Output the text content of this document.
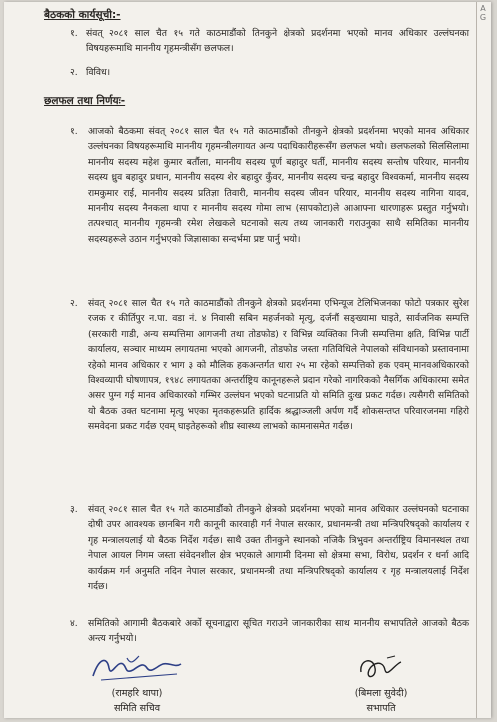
A G
बैठकको कार्यसूची:-
१. संवत् २०८१ साल चैत १५ गते काठमाडौंको तिनकुने क्षेत्रको प्रदर्शनमा भएको मानव अधिकार उल्लंघनका विषयहरूमाथि माननीय गृहमन्त्रीसँग छलफल।
२. विविध।
छलफल तथा निर्णयः-
१. आजको बैठकमा संवत् २०८१ साल चैत १५ गते काठमाडौंको तीनकुने क्षेत्रको प्रदर्शनमा भएको मानव अधिकार उल्लंघनका विषयहरूमाथि माननीय गृहमन्त्रीलगायत अन्य पदाधिकारीहरूसँग छलफल भयो। छलफलको सिलसिलामा माननीय सदस्य महेश कुमार बर्तौला, माननीय सदस्य पूर्ण बहादुर घर्ती, माननीय सदस्य सन्तोष परियार, माननीय सदस्य ध्रुव बहादुर प्रधान, माननीय सदस्य शेर बहादुर कुँवर, माननीय सदस्य चन्द्र बहादुर विश्वकर्मा, माननीय सदस्य रामकुमार राई, माननीय सदस्य प्रतिज्ञा तिवारी, माननीय सदस्य जीवन परियार, माननीय सदस्य नागिना यादव, माननीय सदस्य नैनकला थापा र माननीय सदस्य गोमा लाभ (सापकोटा)ले आआफ्ना धारणाहरू प्रस्तुत गर्नुभयो। तत्पश्चात् माननीय गृहमन्त्री रमेश लेखकले घटनाको सत्य तथ्य जानकारी गराउनुका साथै समितिका माननीय सदस्यहरूले उठान गर्नुभएको जिज्ञासाका सन्दर्भमा प्रष्ट पार्नु भयो।
२. संवत् २०८१ साल चैत १५ गते काठमाडौंको तीनकुने क्षेत्रको प्रदर्शनमा एभिन्यूज टेलिभिजनका फोटो पत्रकार सुरेश रजक र कीर्तिपुर न.पा. वडा नं. ४ निवासी सबिन महर्जनको मृत्यु, दर्जनौं सङ्ख्यामा घाइते, सार्वजनिक सम्पत्ति (सरकारी गाडी, अन्य सम्पत्तिमा आगजनी तथा तोडफोड) र विभिन्न व्यक्तिका निजी सम्पत्तिमा क्षति, विभिन्न पार्टी कार्यालय, सञ्चार माध्यम लगायतमा भएको आगजनी, तोडफोड जस्ता गतिविधिले नेपालको संविधानको प्रस्तावनामा रहेको मानव अधिकार र भाग ३ को मौलिक हकअन्तर्गत धारा २५ मा रहेको सम्पत्तिको हक एवम् मानवअधिकारको विश्वव्यापी घोषणापत्र, १९४८ लगायतका अन्तर्राष्ट्रिय कानूनहरूले प्रदान गरेको नागरिकको नैसर्गिक अधिकारमा समेत असर पुग्न गई मानव अधिकारको गम्भिर उल्लंघन भएको घटनाप्रति यो समिति दुःख प्रकट गर्दछ। त्यसैगरी समितिको यो बैठक उक्त घटनामा मृत्यु भएका मृतकहरूप्रति हार्दिक श्रद्धाञ्जली अर्पण गर्दै शोकसन्तप्त परिवारजनमा गहिरो समवेदना प्रकट गर्दछ एवम् घाइतेहरूको शीघ्र स्वास्थ्य लाभको कामनासमेत गर्दछ।
३. संवत् २०८१ साल चैत १५ गते काठमाडौंको तीनकुने क्षेत्रको प्रदर्शनमा भएको मानव अधिकार उल्लंघनको घटनाका दोषी उपर आवश्यक छानबिन गरी कानूनी कारवाही गर्न नेपाल सरकार, प्रधानमन्त्री तथा मन्त्रिपरिषद्को कार्यालय र गृह मन्त्रालयलाई यो बैठक निर्देश गर्दछ। साथै उक्त तीनकुने स्थानको नजिकै त्रिभुवन अन्तर्राष्ट्रिय विमानस्थल तथा नेपाल आयल निगम जस्ता संवेदनशील क्षेत्र भएकाले आगामी दिनमा सो क्षेत्रमा सभा, विरोध, प्रदर्शन र धर्ना आदि कार्यक्रम गर्न अनुमति नदिन नेपाल सरकार, प्रधानमन्त्री तथा मन्त्रिपरिषद्को कार्यालय र गृह मन्त्रालयलाई निर्देश गर्दछ।
४. समितिको आगामी बैठकबारे अर्को सूचनाद्वारा सूचित गराउने जानकारीका साथ माननीय सभापतिले आजको बैठक अन्त्य गर्नुभयो।
(रामहरि थापा)
समिति सचिव
(बिमला सुवेदी)
सभापति
